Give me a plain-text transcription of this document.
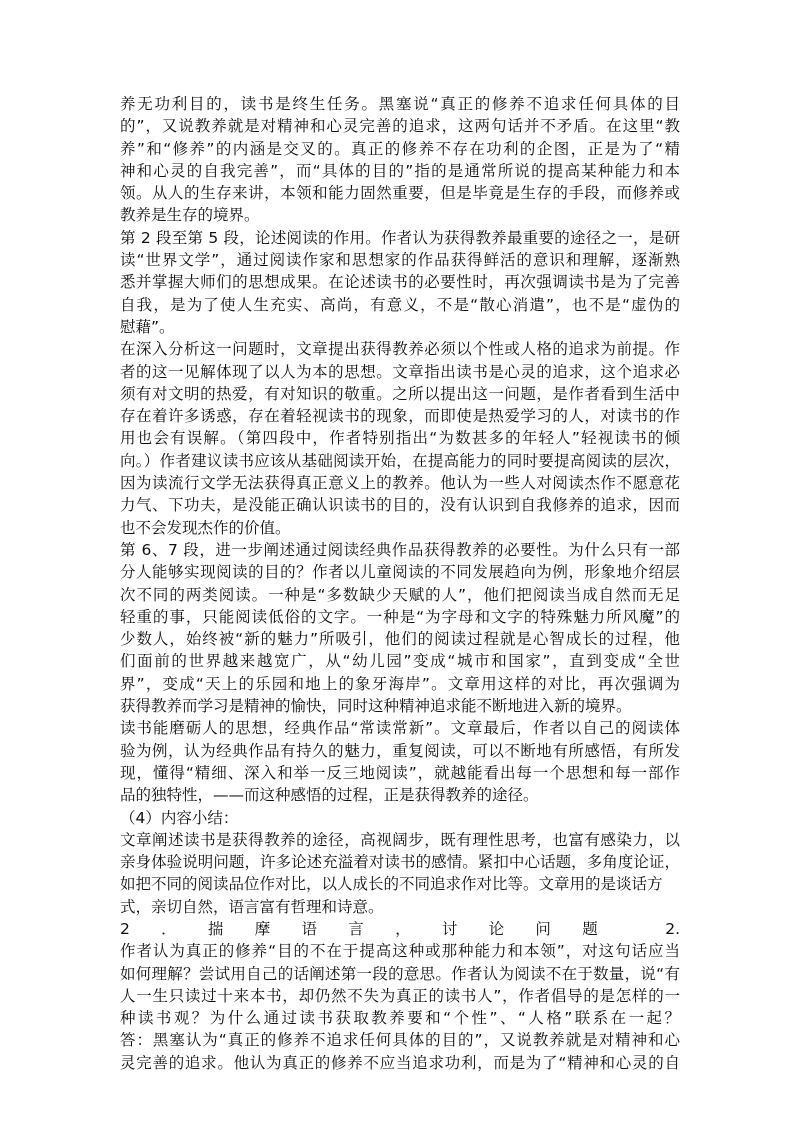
养无功利目的，读书是终生任务。黑塞说“真正的修养不追求任何具体的目
的”，又说教养就是对精神和心灵完善的追求，这两句话并不矛盾。在这里“教
养”和“修养”的内涵是交叉的。真正的修养不存在功利的企图，正是为了“精
神和心灵的自我完善”，而“具体的目的”指的是通常所说的提高某种能力和本
领。从人的生存来讲，本领和能力固然重要，但是毕竟是生存的手段，而修养或
教养是生存的境界。
第 2 段至第 5 段，论述阅读的作用。作者认为获得教养最重要的途径之一，是研
读“世界文学”，通过阅读作家和思想家的作品获得鲜活的意识和理解，逐渐熟
悉并掌握大师们的思想成果。在论述读书的必要性时，再次强调读书是为了完善
自我，是为了使人生充实、高尚，有意义，不是“散心消遣”，也不是“虚伪的
慰藉”。
在深入分析这一问题时，文章提出获得教养必须以个性或人格的追求为前提。作
者的这一见解体现了以人为本的思想。文章指出读书是心灵的追求，这个追求必
须有对文明的热爱，有对知识的敬重。之所以提出这一问题，是作者看到生活中
存在着许多诱惑，存在着轻视读书的现象，而即使是热爱学习的人，对读书的作
用也会有误解。（第四段中，作者特别指出“为数甚多的年轻人”轻视读书的倾
向。）作者建议读书应该从基础阅读开始，在提高能力的同时要提高阅读的层次，
因为读流行文学无法获得真正意义上的教养。他认为一些人对阅读杰作不愿意花
力气、下功夫，是没能正确认识读书的目的，没有认识到自我修养的追求，因而
也不会发现杰作的价值。
第 6、7 段，进一步阐述通过阅读经典作品获得教养的必要性。为什么只有一部
分人能够实现阅读的目的？作者以儿童阅读的不同发展趋向为例，形象地介绍层
次不同的两类阅读。一种是“多数缺少天赋的人”，他们把阅读当成自然而无足
轻重的事，只能阅读低俗的文字。一种是“为字母和文字的特殊魅力所风魔”的
少数人，始终被“新的魅力”所吸引，他们的阅读过程就是心智成长的过程，他
们面前的世界越来越宽广，从“幼儿园”变成“城市和国家”，直到变成“全世
界”，变成“天上的乐园和地上的象牙海岸”。文章用这样的对比，再次强调为
获得教养而学习是精神的愉快，同时这种精神追求能不断地进入新的境界。
读书能磨砺人的思想，经典作品“常读常新”。文章最后，作者以自己的阅读体
验为例，认为经典作品有持久的魅力，重复阅读，可以不断地有所感悟，有所发
现，懂得“精细、深入和举一反三地阅读”，就越能看出每一个思想和每一部作
品的独特性，——而这种感悟的过程，正是获得教养的途径。
（4）内容小结：
文章阐述读书是获得教养的途径，高视阔步，既有理性思考，也富有感染力，以
亲身体验说明问题，许多论述充溢着对读书的感情。紧扣中心话题，多角度论证，
如把不同的阅读品位作对比，以人成长的不同追求作对比等。文章用的是谈话方
式，亲切自然，语言富有哲理和诗意。
2．揣摩语言，讨论问题 2.
作者认为真正的修养“目的不在于提高这种或那种能力和本领”，对这句话应当
如何理解？尝试用自己的话阐述第一段的意思。作者认为阅读不在于数量，说“有
人一生只读过十来本书，却仍然不失为真正的读书人”，作者倡导的是怎样的一
种读书观？为什么通过读书获取教养要和“个性”、“人格”联系在一起？
答：黑塞认为“真正的修养不追求任何具体的目的”，又说教养就是对精神和心
灵完善的追求。他认为真正的修养不应当追求功利，而是为了“精神和心灵的自
